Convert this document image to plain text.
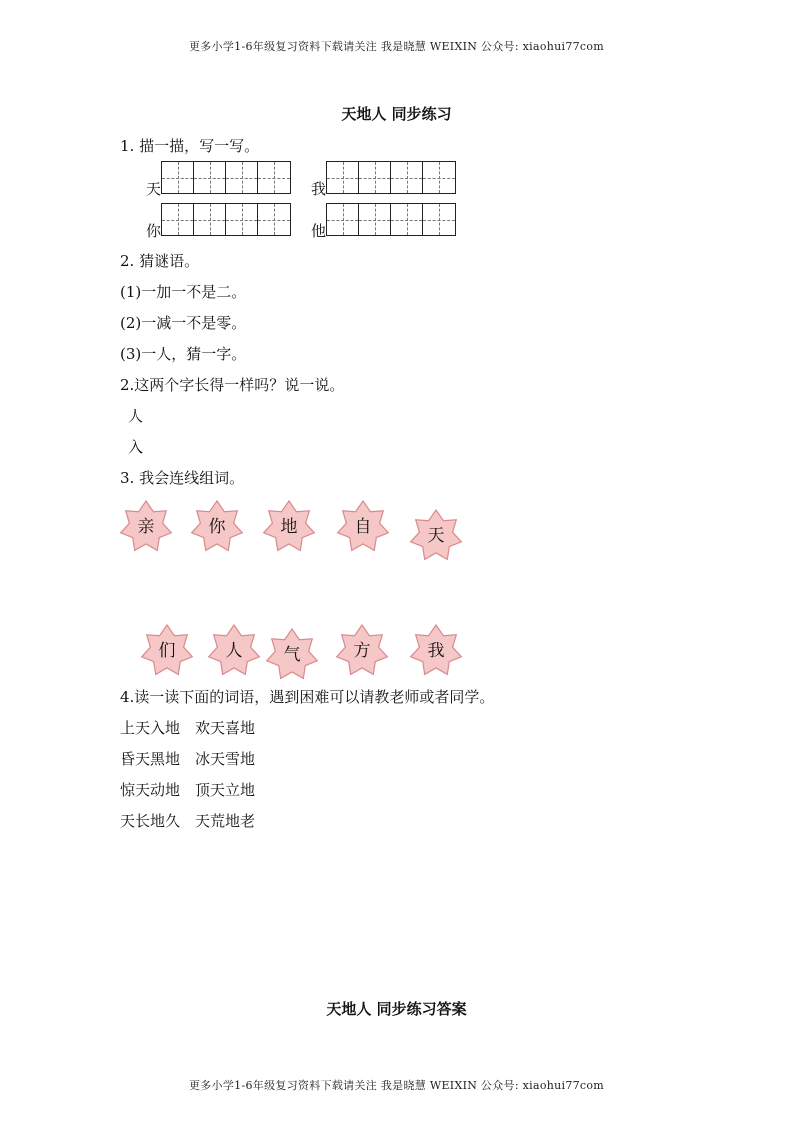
更多小学1-6年级复习资料下载请关注 我是晓慧 WEIXIN 公众号: xiaohui77com
天地人 同步练习
1. 描一描，写一写。
天	我
你	他
2. 猜谜语。
(1)一加一不是二。
(2)一减一不是零。
(3)一人，猜一字。
2.这两个字长得一样吗？说一说。
人
入
3. 我会连线组词。
亲	你	地	自	天
们	人	气	方	我
4.读一读下面的词语，遇到困难可以请教老师或者同学。
上天入地　欢天喜地
昏天黑地　冰天雪地
惊天动地　顶天立地
天长地久　天荒地老
天地人 同步练习答案
更多小学1-6年级复习资料下载请关注 我是晓慧 WEIXIN 公众号: xiaohui77com
